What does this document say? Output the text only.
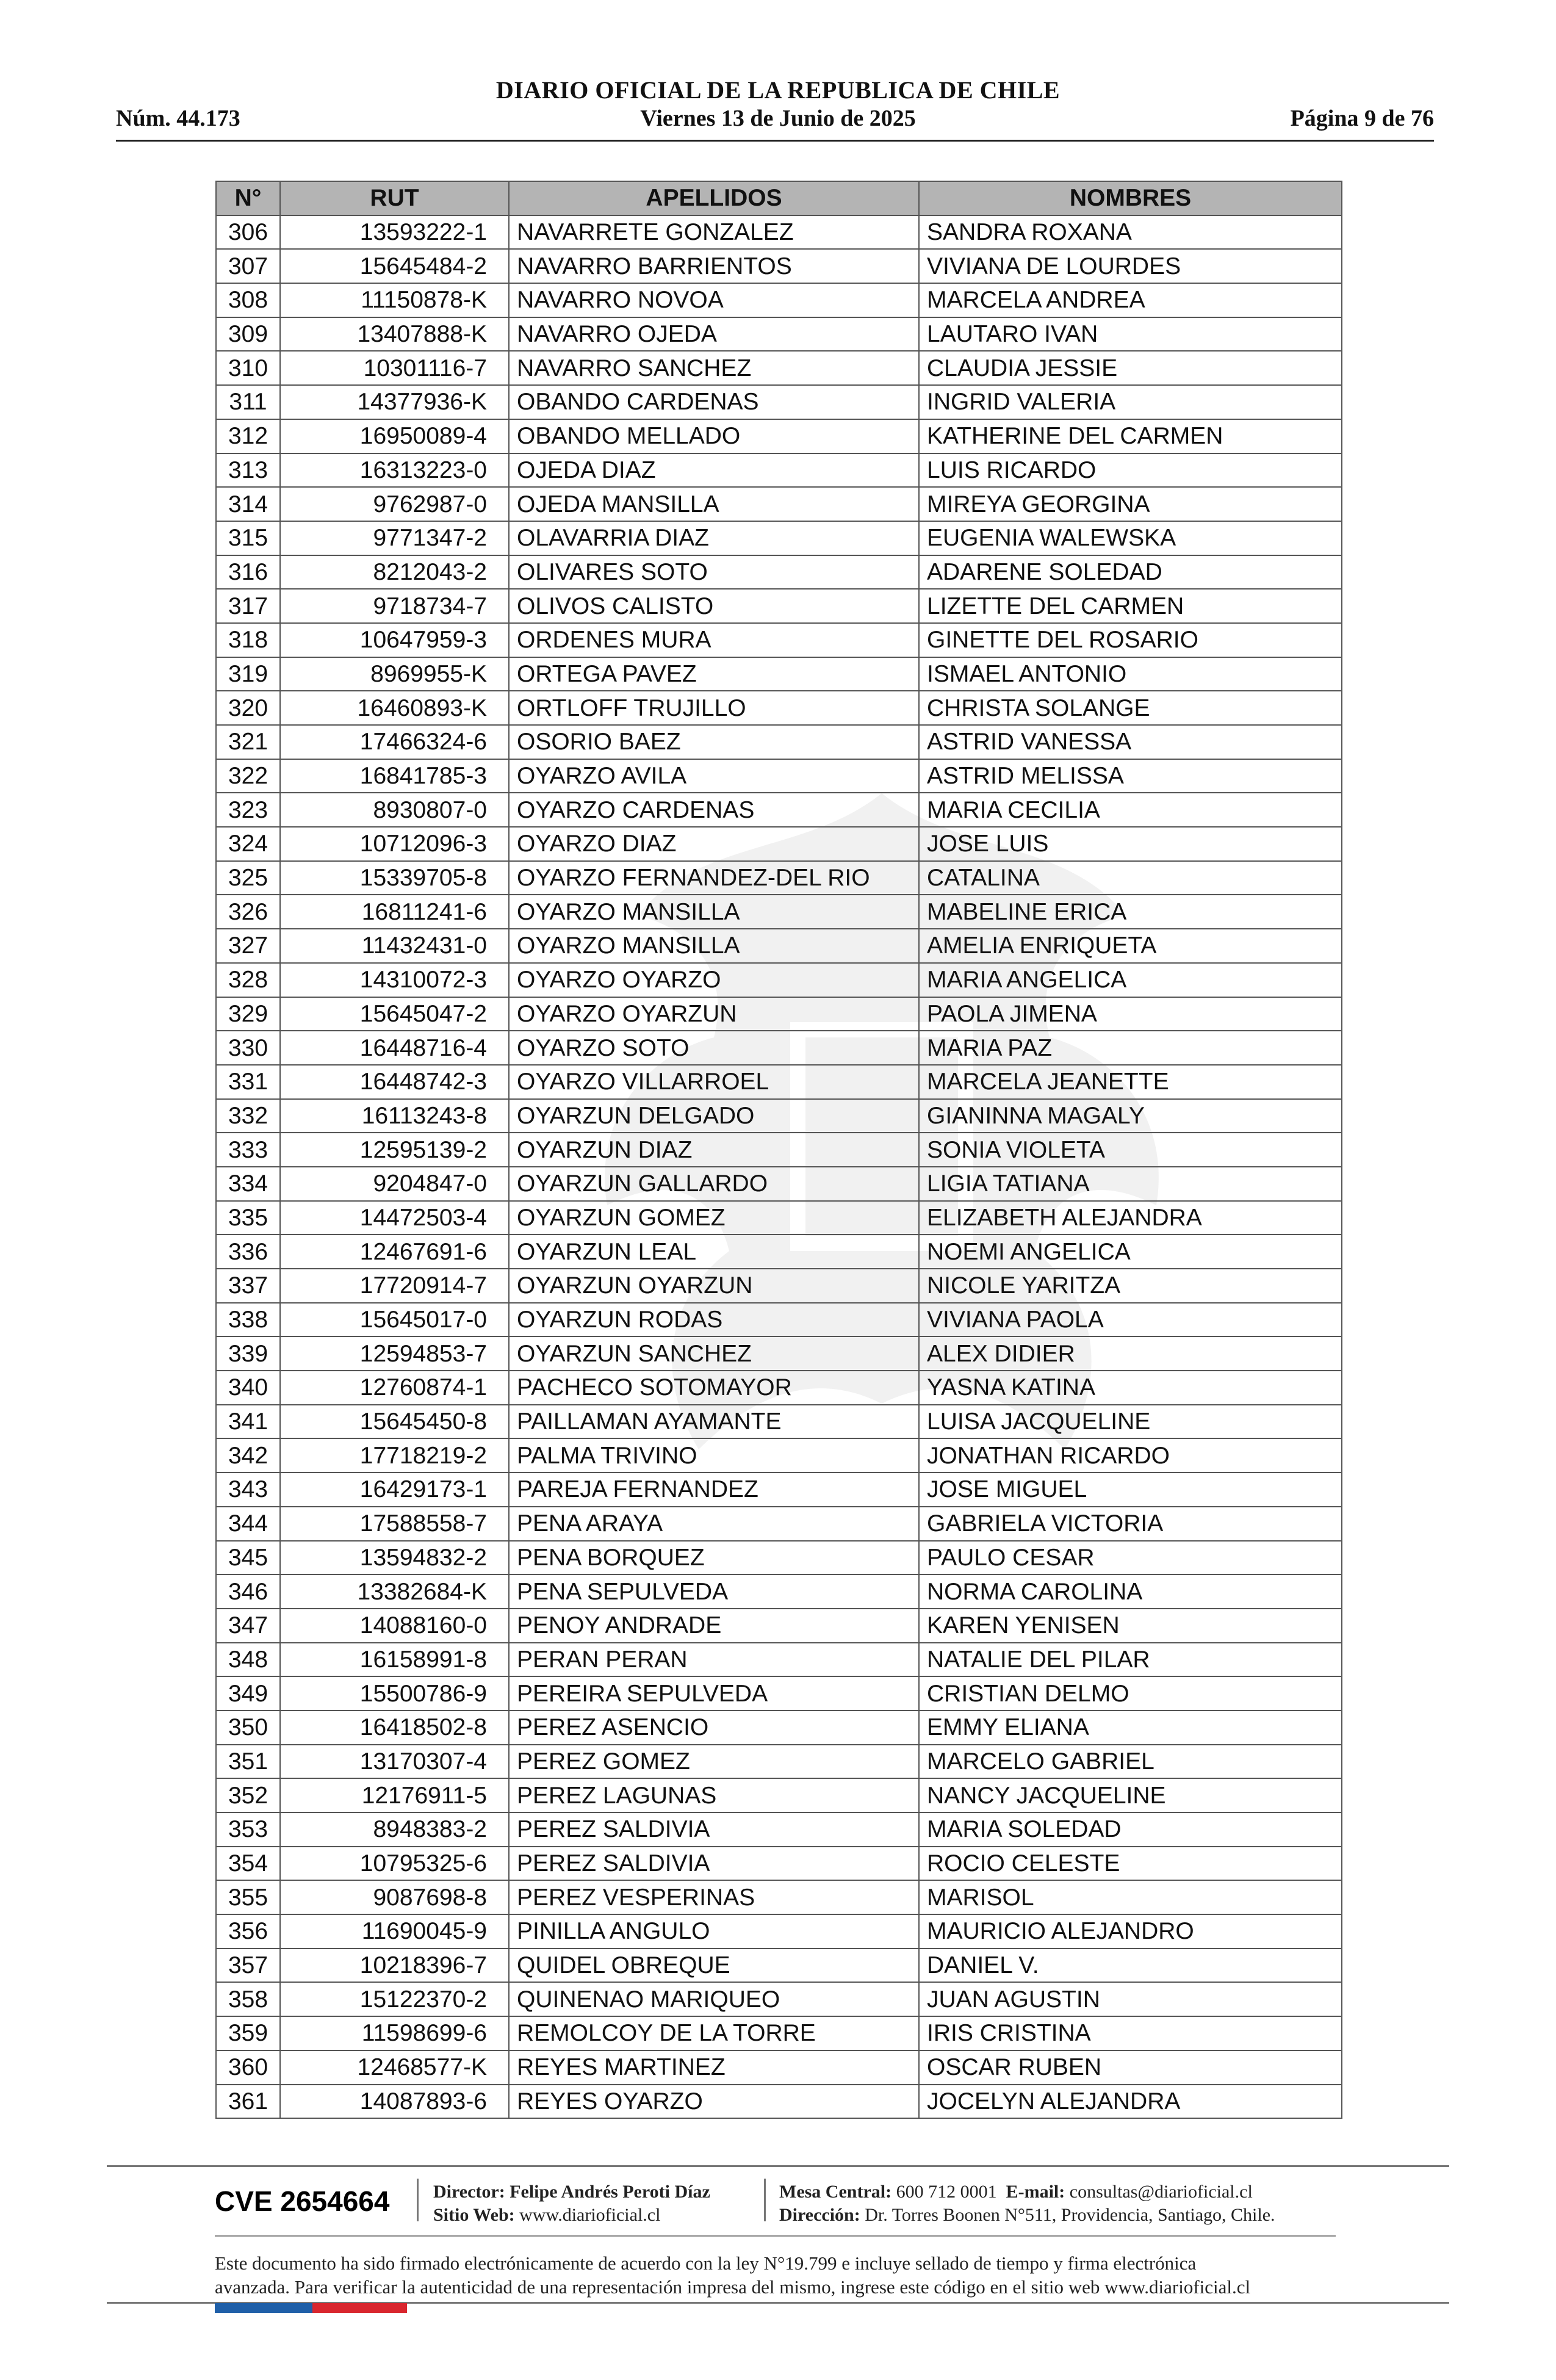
DIARIO OFICIAL DE LA REPUBLICA DE CHILE
Núm. 44.173	Viernes 13 de Junio de 2025	Página 9 de 76
N°	RUT	APELLIDOS	NOMBRES
306	13593222-1	NAVARRETE GONZALEZ	SANDRA ROXANA
307	15645484-2	NAVARRO BARRIENTOS	VIVIANA DE LOURDES
308	11150878-K	NAVARRO NOVOA	MARCELA ANDREA
309	13407888-K	NAVARRO OJEDA	LAUTARO IVAN
310	10301116-7	NAVARRO SANCHEZ	CLAUDIA JESSIE
311	14377936-K	OBANDO CARDENAS	INGRID VALERIA
312	16950089-4	OBANDO MELLADO	KATHERINE DEL CARMEN
313	16313223-0	OJEDA DIAZ	LUIS RICARDO
314	9762987-0	OJEDA MANSILLA	MIREYA GEORGINA
315	9771347-2	OLAVARRIA DIAZ	EUGENIA WALEWSKA
316	8212043-2	OLIVARES SOTO	ADARENE SOLEDAD
317	9718734-7	OLIVOS CALISTO	LIZETTE DEL CARMEN
318	10647959-3	ORDENES MURA	GINETTE DEL ROSARIO
319	8969955-K	ORTEGA PAVEZ	ISMAEL ANTONIO
320	16460893-K	ORTLOFF TRUJILLO	CHRISTA SOLANGE
321	17466324-6	OSORIO BAEZ	ASTRID VANESSA
322	16841785-3	OYARZO AVILA	ASTRID MELISSA
323	8930807-0	OYARZO CARDENAS	MARIA CECILIA
324	10712096-3	OYARZO DIAZ	JOSE LUIS
325	15339705-8	OYARZO FERNANDEZ-DEL RIO	CATALINA
326	16811241-6	OYARZO MANSILLA	MABELINE ERICA
327	11432431-0	OYARZO MANSILLA	AMELIA ENRIQUETA
328	14310072-3	OYARZO OYARZO	MARIA ANGELICA
329	15645047-2	OYARZO OYARZUN	PAOLA JIMENA
330	16448716-4	OYARZO SOTO	MARIA PAZ
331	16448742-3	OYARZO VILLARROEL	MARCELA JEANETTE
332	16113243-8	OYARZUN DELGADO	GIANINNA MAGALY
333	12595139-2	OYARZUN DIAZ	SONIA VIOLETA
334	9204847-0	OYARZUN GALLARDO	LIGIA TATIANA
335	14472503-4	OYARZUN GOMEZ	ELIZABETH ALEJANDRA
336	12467691-6	OYARZUN LEAL	NOEMI ANGELICA
337	17720914-7	OYARZUN OYARZUN	NICOLE YARITZA
338	15645017-0	OYARZUN RODAS	VIVIANA PAOLA
339	12594853-7	OYARZUN SANCHEZ	ALEX DIDIER
340	12760874-1	PACHECO SOTOMAYOR	YASNA KATINA
341	15645450-8	PAILLAMAN AYAMANTE	LUISA JACQUELINE
342	17718219-2	PALMA TRIVINO	JONATHAN RICARDO
343	16429173-1	PAREJA FERNANDEZ	JOSE MIGUEL
344	17588558-7	PENA ARAYA	GABRIELA VICTORIA
345	13594832-2	PENA BORQUEZ	PAULO CESAR
346	13382684-K	PENA SEPULVEDA	NORMA CAROLINA
347	14088160-0	PENOY ANDRADE	KAREN YENISEN
348	16158991-8	PERAN PERAN	NATALIE DEL PILAR
349	15500786-9	PEREIRA SEPULVEDA	CRISTIAN DELMO
350	16418502-8	PEREZ ASENCIO	EMMY ELIANA
351	13170307-4	PEREZ GOMEZ	MARCELO GABRIEL
352	12176911-5	PEREZ LAGUNAS	NANCY JACQUELINE
353	8948383-2	PEREZ SALDIVIA	MARIA SOLEDAD
354	10795325-6	PEREZ SALDIVIA	ROCIO CELESTE
355	9087698-8	PEREZ VESPERINAS	MARISOL
356	11690045-9	PINILLA ANGULO	MAURICIO ALEJANDRO
357	10218396-7	QUIDEL OBREQUE	DANIEL V.
358	15122370-2	QUINENAO MARIQUEO	JUAN AGUSTIN
359	11598699-6	REMOLCOY DE LA TORRE	IRIS CRISTINA
360	12468577-K	REYES MARTINEZ	OSCAR RUBEN
361	14087893-6	REYES OYARZO	JOCELYN ALEJANDRA
CVE 2654664 Director: Felipe Andrés Peroti Díaz
Sitio Web: www.diarioficial.cl
Mesa Central: 600 712 0001 E-mail: consultas@diarioficial.cl
Dirección: Dr. Torres Boonen N°511, Providencia, Santiago, Chile.
Este documento ha sido firmado electrónicamente de acuerdo con la ley N°19.799 e incluye sellado de tiempo y firma electrónica
avanzada. Para verificar la autenticidad de una representación impresa del mismo, ingrese este código en el sitio web www.diarioficial.cl
